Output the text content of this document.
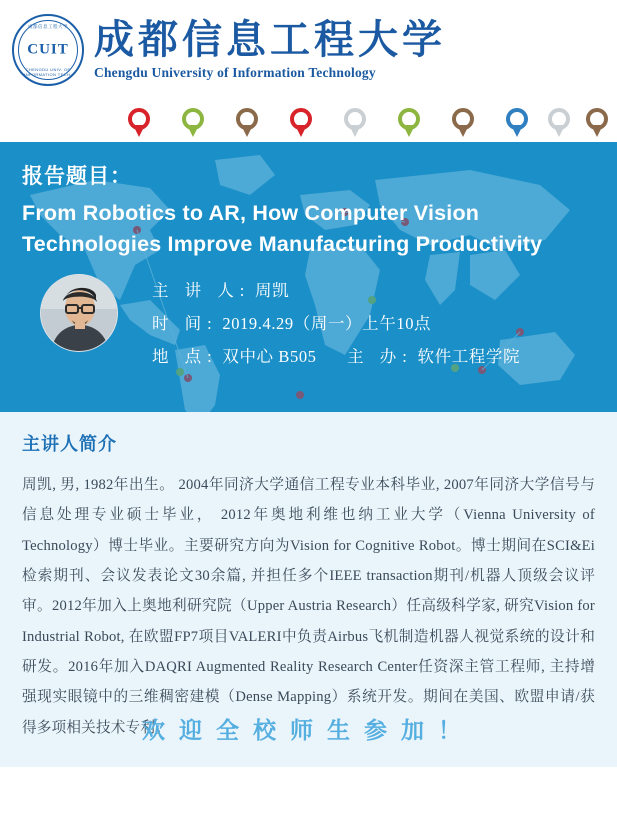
成都信息工程大学
CUIT
CHENGDU UNIV. OF INFORMATION TECH.
成都信息工程大学
Chengdu University of Information Technology
报告题目：
From Robotics to AR, How Computer Vision
Technologies Improve Manufacturing Productivity
主 讲 人: 周凯
时 间: 2019.4.29（周一）上午10点
地 点: 双中心 B505 主 办: 软件工程学院
主讲人简介
周凯, 男, 1982年出生。 2004年同济大学通信工程专业本科毕业, 2007年同济大学信号与信息处理专业硕士毕业， 2012年奥地利维也纳工业大学（Vienna University of Technology）博士毕业。主要研究方向为Vision for Cognitive Robot。博士期间在SCI&Ei检索期刊、会议发表论文30余篇, 并担任多个IEEE transaction期刊/机器人顶级会议评审。2012年加入上奥地利研究院（Upper Austria Research）任高级科学家, 研究Vision for Industrial Robot, 在欧盟FP7项目VALERI中负责Airbus飞机制造机器人视觉系统的设计和研发。2016年加入DAQRI Augmented Reality Research Center任资深主管工程师, 主持增强现实眼镜中的三维稠密建模（Dense Mapping）系统开发。期间在美国、欧盟申请/获得多项相关技术专利。
欢迎全校师生参加！
